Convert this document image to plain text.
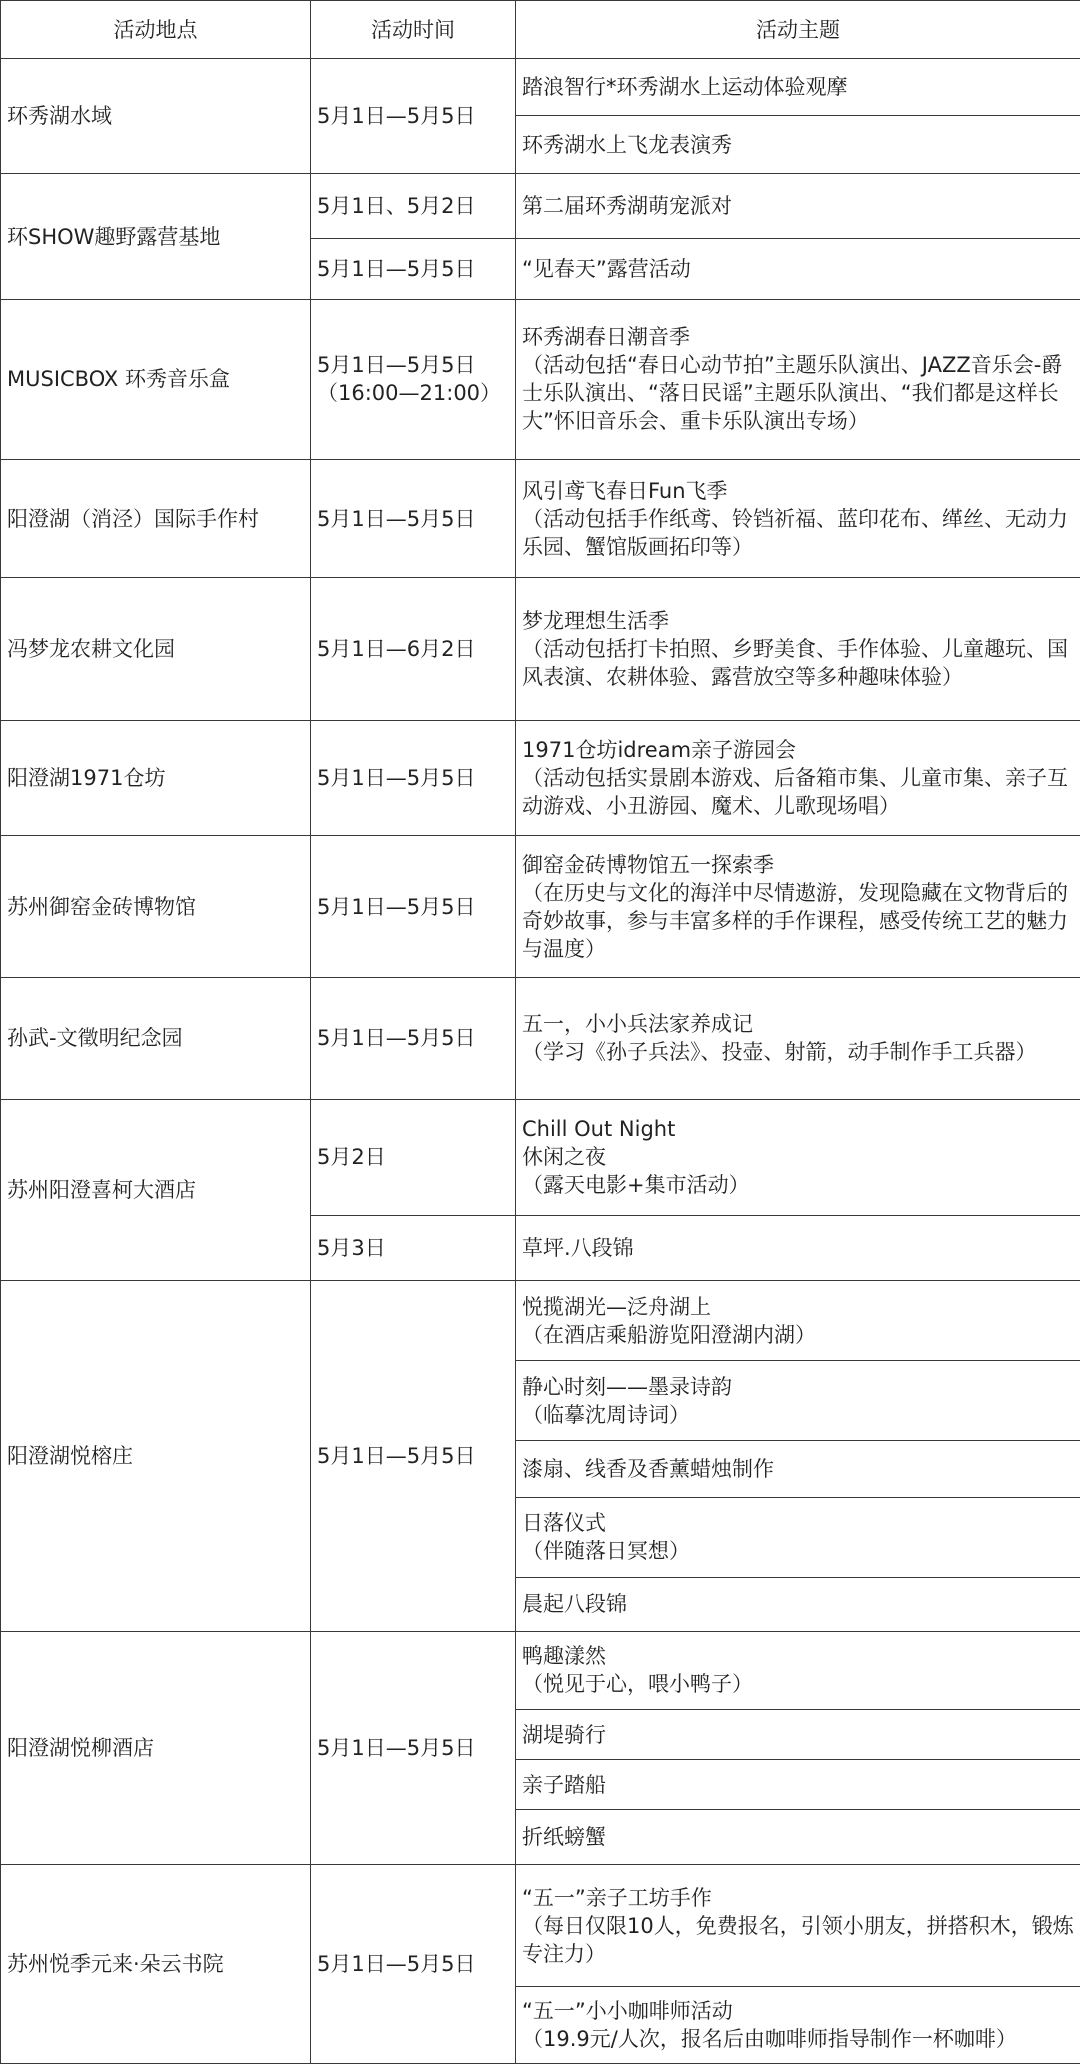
活动地点	活动时间	活动主题
环秀湖水域	5月1日—5月5日	踏浪智行*环秀湖水上运动体验观摩

		环秀湖水上飞龙表演秀

环SHOW趣野露营基地	5月1日、5月2日	第二届环秀湖萌宠派对

	5月1日—5月5日	“见春天”露营活动

MUSICBOX 环秀音乐盒	5月1日—5月5日（16:00—21:00）	环秀湖春日潮音季
（活动包括“春日心动节拍”主题乐队演出、JAZZ音乐会-爵士乐队演出、“落日民谣”主题乐队演出、“我们都是这样长大”怀旧音乐会、重卡乐队演出专场）

阳澄湖（消泾）国际手作村	5月1日—5月5日	风引鸢飞春日Fun飞季
（活动包括手作纸鸢、铃铛祈福、蓝印花布、缂丝、无动力乐园、蟹馆版画拓印等）

冯梦龙农耕文化园	5月1日—6月2日	梦龙理想生活季
（活动包括打卡拍照、乡野美食、手作体验、儿童趣玩、国风表演、农耕体验、露营放空等多种趣味体验）

阳澄湖1971仓坊	5月1日—5月5日	1971仓坊idream亲子游园会
（活动包括实景剧本游戏、后备箱市集、儿童市集、亲子互动游戏、小丑游园、魔术、儿歌现场唱）

苏州御窑金砖博物馆	5月1日—5月5日	御窑金砖博物馆五一探索季
（在历史与文化的海洋中尽情遨游，发现隐藏在文物背后的奇妙故事，参与丰富多样的手作课程，感受传统工艺的魅力与温度）

孙武-文徵明纪念园	5月1日—5月5日	五一，小小兵法家养成记
（学习《孙子兵法》、投壶、射箭，动手制作手工兵器）

苏州阳澄喜柯大酒店	5月2日	Chill Out Night
休闲之夜
（露天电影+集市活动）

	5月3日	草坪.八段锦

阳澄湖悦榕庄	5月1日—5月5日	悦揽湖光—泛舟湖上
（在酒店乘船游览阳澄湖内湖）

		静心时刻——墨录诗韵
（临摹沈周诗词）

		漆扇、线香及香薰蜡烛制作

		日落仪式
（伴随落日冥想）

		晨起八段锦

阳澄湖悦柳酒店	5月1日—5月5日	鸭趣漾然
（悦见于心，喂小鸭子）

		湖堤骑行

		亲子踏船

		折纸螃蟹

苏州悦季元来·朵云书院	5月1日—5月5日	“五一”亲子工坊手作
（每日仅限10人，免费报名，引领小朋友，拼搭积木，锻炼专注力）

		“五一”小小咖啡师活动
（19.9元/人次，报名后由咖啡师指导制作一杯咖啡）
